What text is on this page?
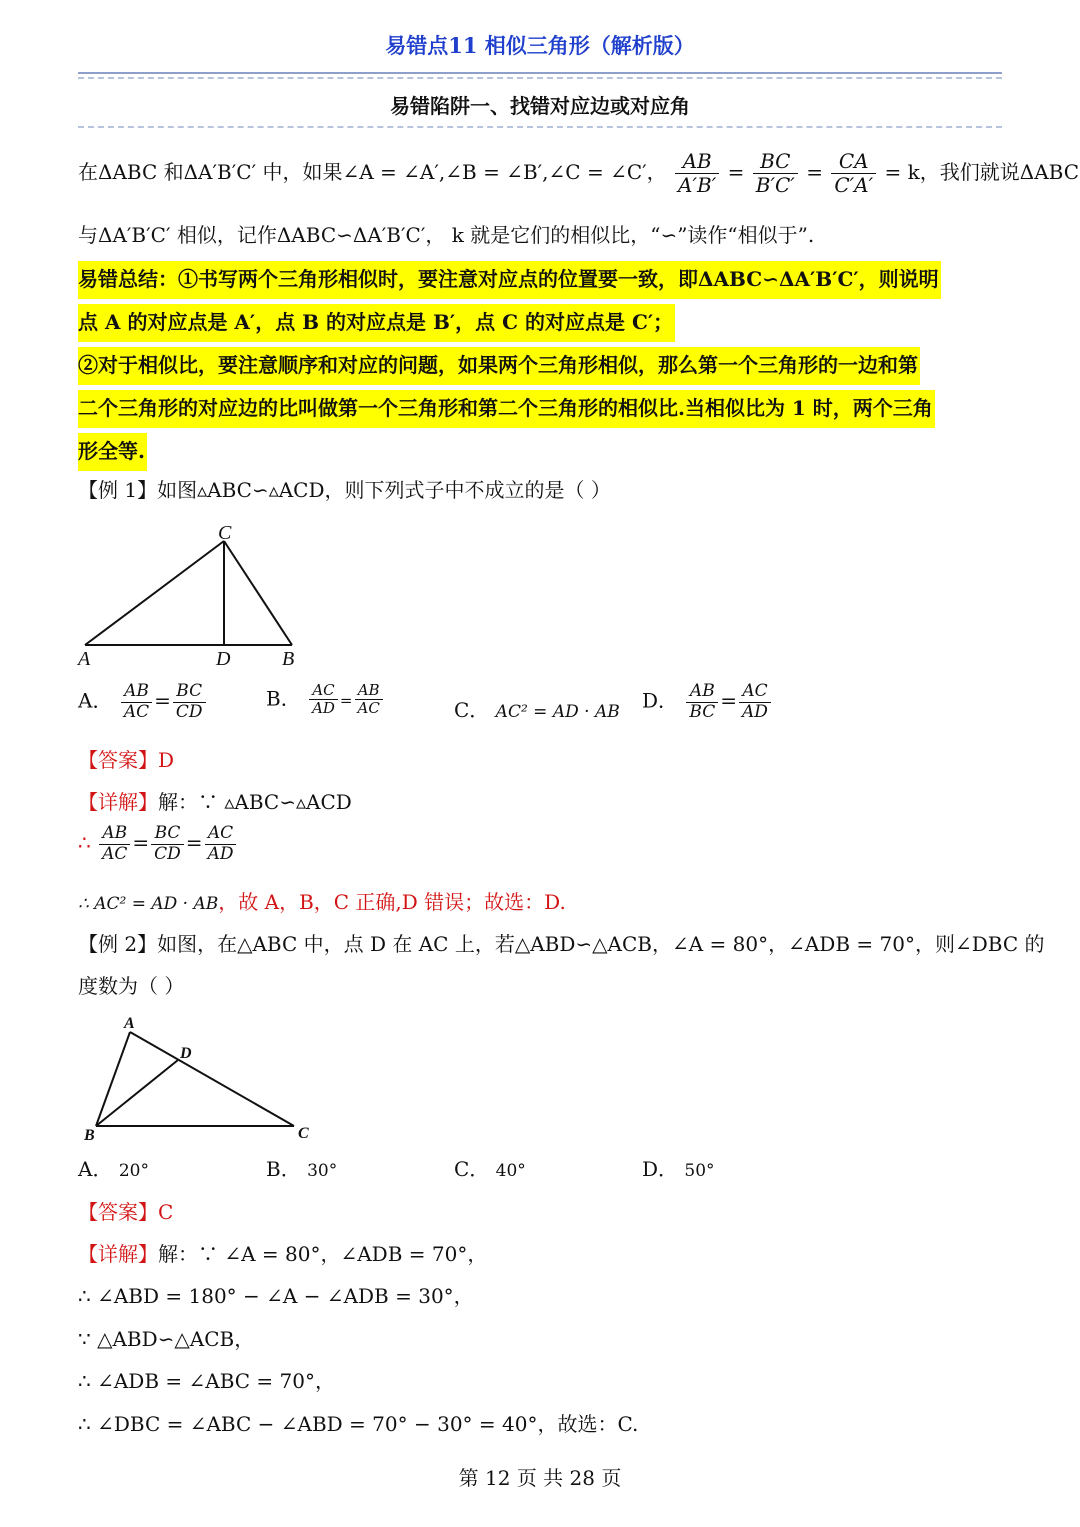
易错点11 相似三角形（解析版）
易错陷阱一、找错对应边或对应角
在ΔABC 和ΔA′B′C′ 中，如果∠A = ∠A′,∠B = ∠B′,∠C = ∠C′， $\frac{AB}{A'B'} = \frac{BC}{B'C'} = \frac{CA}{C'A'} = k$，我们就说ΔABC
与ΔA′B′C′ 相似，记作ΔABC∽ΔA′B′C′， k 就是它们的相似比，“∽”读作“相似于”.
易错总结：①书写两个三角形相似时，要注意对应点的位置要一致，即ΔABC∽ΔA′B′C′，则说明
点 A 的对应点是 A′，点 B 的对应点是 B′，点 C 的对应点是 C′；
②对于相似比，要注意顺序和对应的问题，如果两个三角形相似，那么第一个三角形的一边和第
二个三角形的对应边的比叫做第一个三角形和第二个三角形的相似比.当相似比为 1 时，两个三角
形全等.
【例 1】如图▵ABC∽▵ACD，则下列式子中不成立的是（ ）
C
A	D	B
A． $\frac{AB}{AC} = \frac{BC}{CD}$	B． $\frac{AC}{AD} = \frac{AB}{AC}$	C． AC² = AD · AB D． $\frac{AB}{BC} = \frac{AC}{AD}$
【答案】D
【详解】解：∵ ▵ABC∽▵ACD
∴ $\frac{AB}{AC} = \frac{BC}{CD} = \frac{AC}{AD}$
∴ AC² = AD · AB，故 A，B，C 正确,D 错误；故选：D.
【例 2】如图，在△ABC 中，点 D 在 AC 上，若△ABD∽△ACB，∠A = 80°，∠ADB = 70°，则∠DBC 的
度数为（ ）
A
D
B	C
A． 20°	B． 30°	C． 40°	D． 50°
【答案】C
【详解】解：∵ ∠A = 80°，∠ADB = 70°，
∴ ∠ABD = 180° − ∠A − ∠ADB = 30°，
∵ △ABD∽△ACB，
∴ ∠ADB = ∠ABC = 70°，
∴ ∠DBC = ∠ABC − ∠ABD = 70° − 30° = 40°，故选：C.
第 12 页 共 28 页
